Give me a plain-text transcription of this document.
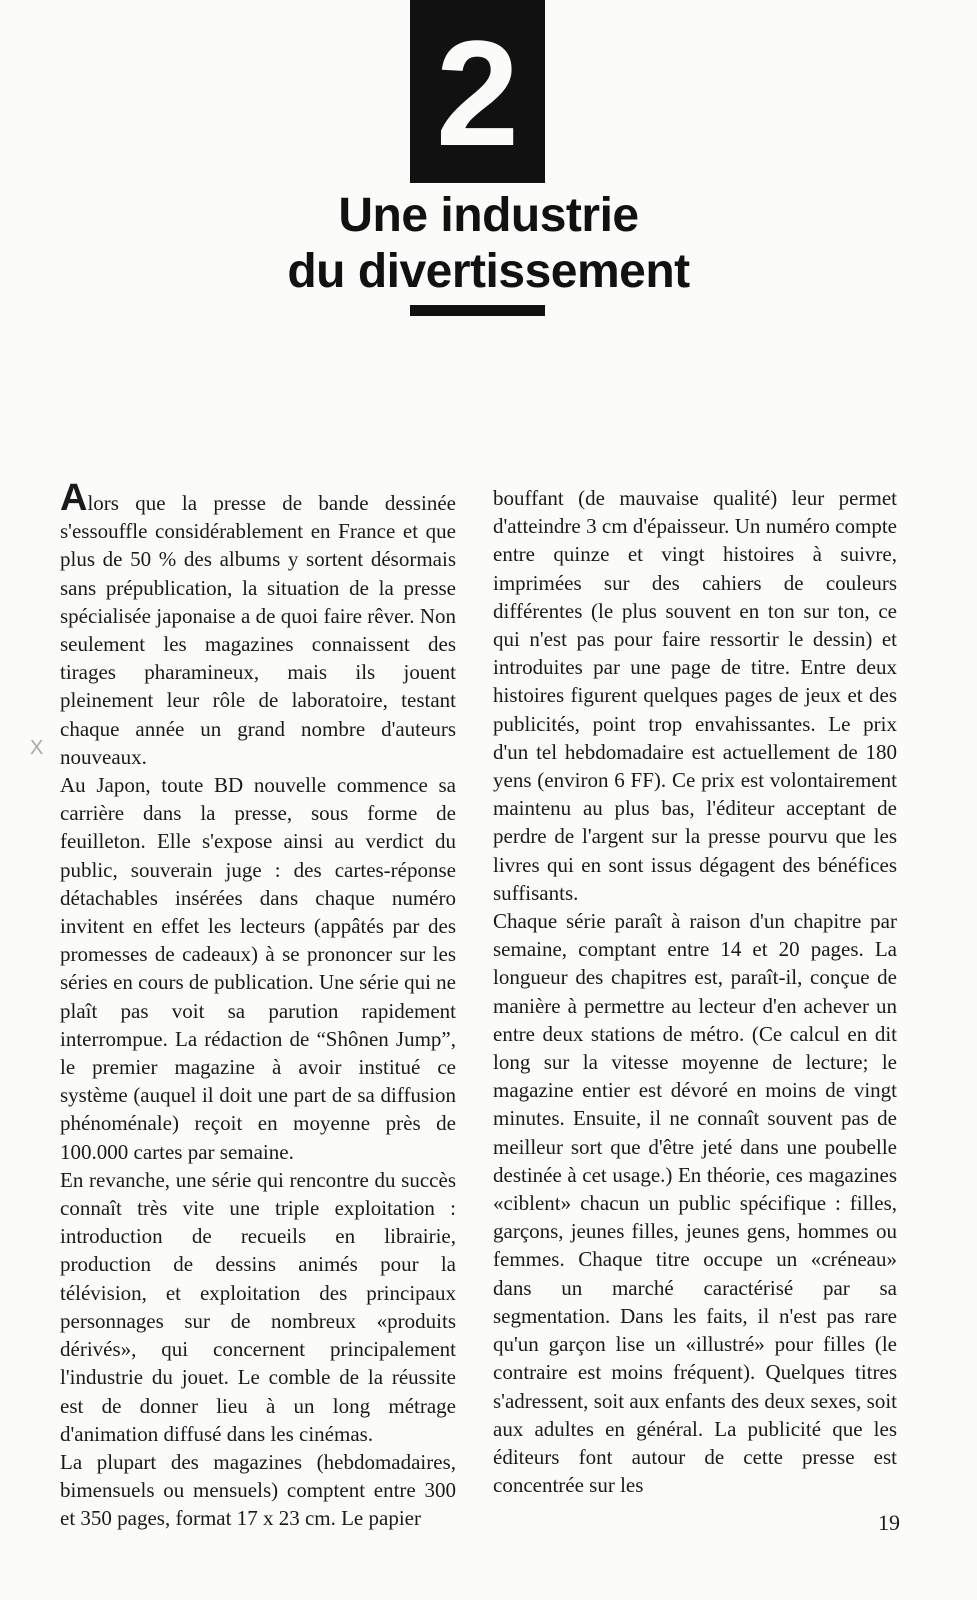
2
Une industrie
du divertissement
X

Alors que la presse de bande dessinée s'essouffle considérablement en France et que plus de 50 % des albums y sortent désormais sans prépublication, la situation de la presse spécialisée japonaise a de quoi faire rêver. Non seulement les magazines connaissent des tirages pharamineux, mais ils jouent pleinement leur rôle de laboratoire, testant chaque année un grand nombre d'auteurs nouveaux.

Au Japon, toute BD nouvelle commence sa carrière dans la presse, sous forme de feuilleton. Elle s'expose ainsi au verdict du public, souverain juge : des cartes-réponse détachables insérées dans chaque numéro invitent en effet les lecteurs (appâtés par des promesses de cadeaux) à se prononcer sur les séries en cours de publication. Une série qui ne plaît pas voit sa parution rapidement interrompue. La rédaction de “Shônen Jump”, le premier magazine à avoir institué ce système (auquel il doit une part de sa diffusion phénoménale) reçoit en moyenne près de 100.000 cartes par semaine.

En revanche, une série qui rencontre du succès connaît très vite une triple exploitation : introduction de recueils en librairie, production de dessins animés pour la télévision, et exploitation des principaux personnages sur de nombreux «produits dérivés», qui concernent principalement l'industrie du jouet. Le comble de la réussite est de donner lieu à un long métrage d'animation diffusé dans les cinémas.

La plupart des magazines (hebdomadaires, bimensuels ou mensuels) comptent entre 300 et 350 pages, format 17 x 23 cm. Le papier

bouffant (de mauvaise qualité) leur permet d'atteindre 3 cm d'épaisseur. Un numéro compte entre quinze et vingt histoires à suivre, imprimées sur des cahiers de couleurs différentes (le plus souvent en ton sur ton, ce qui n'est pas pour faire ressortir le dessin) et introduites par une page de titre. Entre deux histoires figurent quelques pages de jeux et des publicités, point trop envahissantes. Le prix d'un tel hebdomadaire est actuellement de 180 yens (environ 6 FF). Ce prix est volontairement maintenu au plus bas, l'éditeur acceptant de perdre de l'argent sur la presse pourvu que les livres qui en sont issus dégagent des bénéfices suffisants.

Chaque série paraît à raison d'un chapitre par semaine, comptant entre 14 et 20 pages. La longueur des chapitres est, paraît-il, conçue de manière à permettre au lecteur d'en achever un entre deux stations de métro. (Ce calcul en dit long sur la vitesse moyenne de lecture; le magazine entier est dévoré en moins de vingt minutes. Ensuite, il ne connaît souvent pas de meilleur sort que d'être jeté dans une poubelle destinée à cet usage.) En théorie, ces magazines «ciblent» chacun un public spécifique : filles, garçons, jeunes filles, jeunes gens, hommes ou femmes. Chaque titre occupe un «créneau» dans un marché caractérisé par sa segmentation. Dans les faits, il n'est pas rare qu'un garçon lise un «illustré» pour filles (le contraire est moins fréquent). Quelques titres s'adressent, soit aux enfants des deux sexes, soit aux adultes en général. La publicité que les éditeurs font autour de cette presse est concentrée sur les

19
